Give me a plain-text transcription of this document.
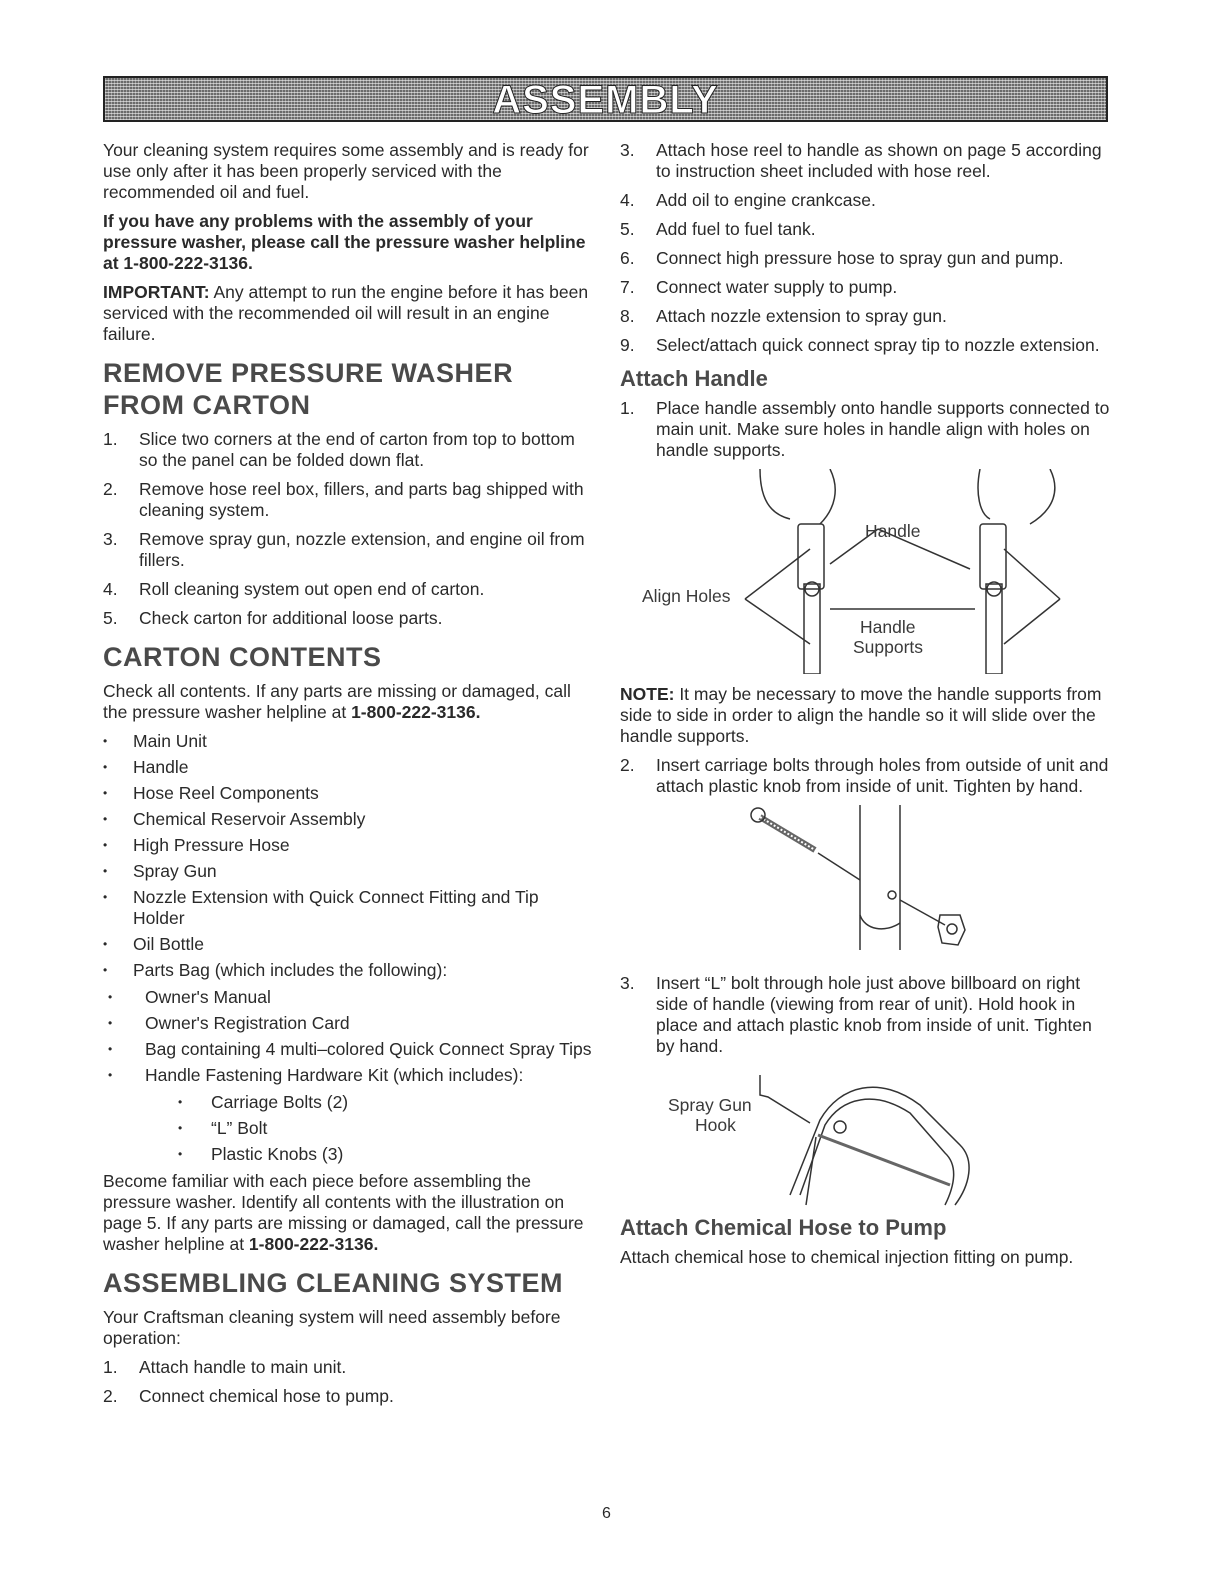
ASSEMBLY

Your cleaning system requires some assembly and is ready for use only after it has been properly serviced with the recommended oil and fuel.

If you have any problems with the assembly of your pressure washer, please call the pressure washer helpline at 1-800-222-3136.

IMPORTANT: Any attempt to run the engine before it has been serviced with the recommended oil will result in an engine failure.

REMOVE PRESSURE WASHER FROM CARTON
1. Slice two corners at the end of carton from top to bottom so the panel can be folded down flat.
2. Remove hose reel box, fillers, and parts bag shipped with cleaning system.
3. Remove spray gun, nozzle extension, and engine oil from fillers.
4. Roll cleaning system out open end of carton.
5. Check carton for additional loose parts.
CARTON CONTENTS

Check all contents. If any parts are missing or damaged, call the pressure washer helpline at 1-800-222-3136.

• Main Unit
• Handle
• Hose Reel Components
• Chemical Reservoir Assembly
• High Pressure Hose
• Spray Gun
• Nozzle Extension with Quick Connect Fitting and Tip Holder
• Oil Bottle
• Parts Bag (which includes the following):
• Owner's Manual
• Owner's Registration Card
• Bag containing 4 multi–colored Quick Connect Spray Tips
• Handle Fastening Hardware Kit (which includes):
• Carriage Bolts (2)
• “L” Bolt
• Plastic Knobs (3)

Become familiar with each piece before assembling the pressure washer. Identify all contents with the illustration on page 5. If any parts are missing or damaged, call the pressure washer helpline at 1-800-222-3136.

ASSEMBLING CLEANING SYSTEM

Your Craftsman cleaning system will need assembly before operation:

1. Attach handle to main unit.
2. Connect chemical hose to pump.
3. Attach hose reel to handle as shown on page 5 according to instruction sheet included with hose reel.
4. Add oil to engine crankcase.
5. Add fuel to fuel tank.
6. Connect high pressure hose to spray gun and pump.
7. Connect water supply to pump.
8. Attach nozzle extension to spray gun.
9. Select/attach quick connect spray tip to nozzle extension.
Attach Handle
1. Place handle assembly onto handle supports connected to main unit. Make sure holes in handle align with holes on handle supports.
Handle
Align Holes
Handle
Supports

NOTE: It may be necessary to move the handle supports from side to side in order to align the handle so it will slide over the handle supports.

2. Insert carriage bolts through holes from outside of unit and attach plastic knob from inside of unit. Tighten by hand.
3. Insert “L” bolt through hole just above billboard on right side of handle (viewing from rear of unit). Hold hook in place and attach plastic knob from inside of unit. Tighten by hand.
Spray Gun
Hook
Attach Chemical Hose to Pump

Attach chemical hose to chemical injection fitting on pump.

6
